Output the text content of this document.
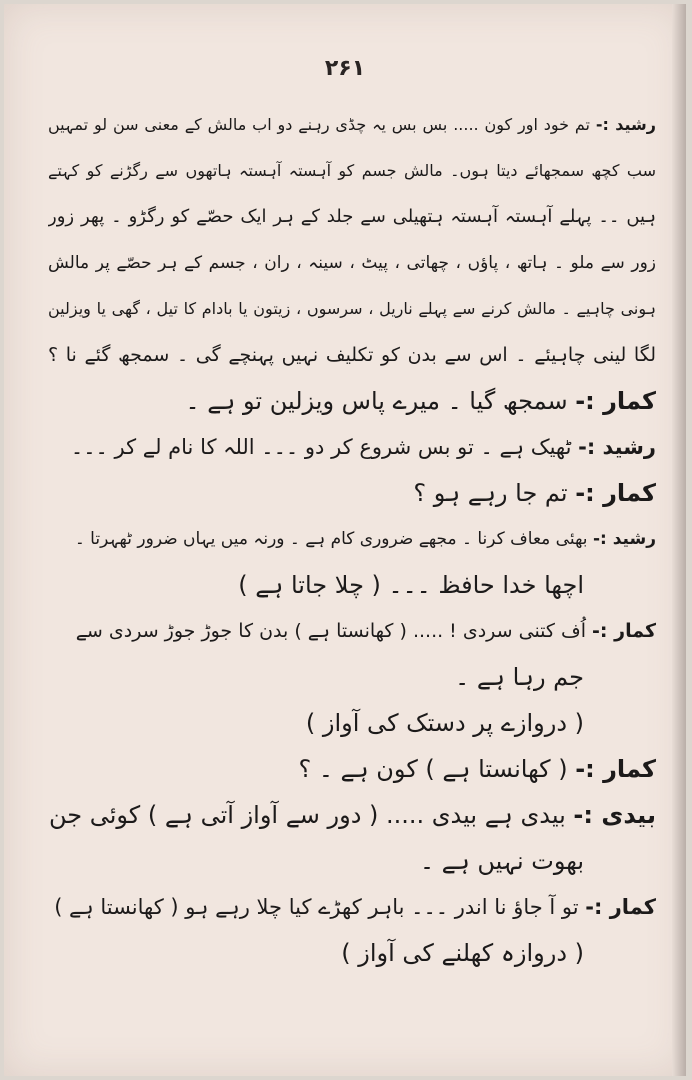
۲۶۱
رشید :- تم خود اور کون ..... بس بس یہ چڈی رہنے دو اب مالش کے معنی سن لو تمہیں
سب کچھ سمجھائے دیتا ہوں۔ مالش جسم کو آہستہ آہستہ ہاتھوں سے رگڑنے کو کہتے
ہیں ۔۔ پہلے آہستہ آہستہ ہتھیلی سے جلد کے ہر ایک حصّے کو رگڑو ۔ پھر زور
زور سے ملو ۔ ہاتھ ، پاؤں ، چھاتی ، پیٹ ، سینہ ، ران ، جسم کے ہر حصّے پر مالش
ہونی چاہیے ۔ مالش کرنے سے پہلے ناریل ، سرسوں ، زیتون یا بادام کا تیل ، گھی یا ویزلین
لگا لینی چاہیئے ۔ اس سے بدن کو تکلیف نہیں پہنچے گی ۔ سمجھ گئے نا ؟
کمار :- سمجھ گیا ۔ میرے پاس ویزلین تو ہے ۔
رشید :- ٹھیک ہے ۔ تو بس شروع کر دو ۔۔۔ اللہ کا نام لے کر ۔۔۔
کمار :- تم جا رہے ہو ؟
رشید :- بھئی معاف کرنا ۔ مجھے ضروری کام ہے ۔ ورنہ میں یہاں ضرور ٹھہرتا ۔
اچھا خدا حافظ ۔۔۔ ( چلا جاتا ہے )
کمار :- اُف کتنی سردی ! ..... ( کھانستا ہے ) بدن کا جوڑ جوڑ سردی سے
جم رہا ہے ۔
( دروازے پر دستک کی آواز )
کمار :- ( کھانستا ہے ) کون ہے ۔ ؟
بیدی :- بیدی ہے بیدی ..... ( دور سے آواز آتی ہے ) کوئی جن
بھوت نہیں ہے ۔
کمار :- تو آ جاؤ نا اندر ۔۔۔ باہر کھڑے کیا چلا رہے ہو ( کھانستا ہے )
( دروازہ کھلنے کی آواز )
